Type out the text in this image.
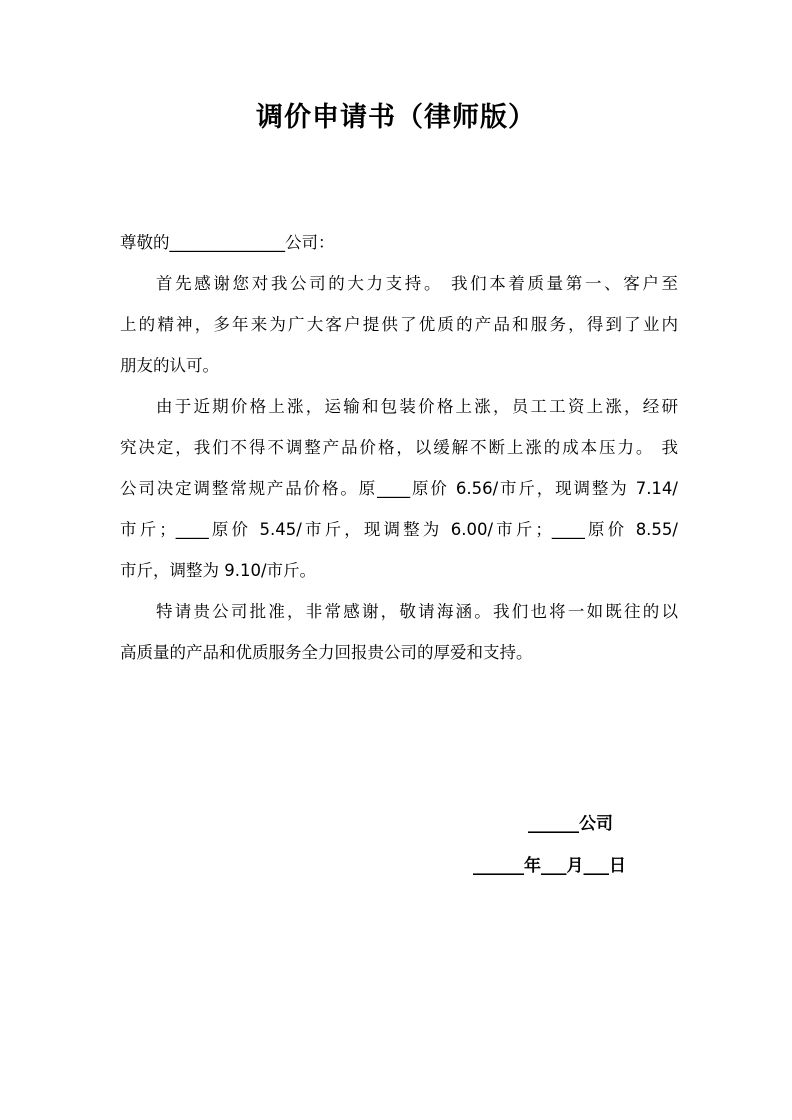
调价申请书（律师版）

尊敬的______________公司：

首先感谢您对我公司的大力支持。 我们本着质量第一、客户至

上的精神，多年来为广大客户提供了优质的产品和服务，得到了业内

朋友的认可。

由于近期价格上涨，运输和包装价格上涨，员工工资上涨，经研

究决定，我们不得不调整产品价格，以缓解不断上涨的成本压力。 我

公司决定调整常规产品价格。原____原价 6.56/市斤，现调整为 7.14/

市斤；____原价 5.45/市斤，现调整为 6.00/市斤；____原价 8.55/

市斤，调整为 9.10/市斤。

特请贵公司批准，非常感谢，敬请海涵。我们也将一如既往的以

高质量的产品和优质服务全力回报贵公司的厚爱和支持。

______公司
______年___月___日
